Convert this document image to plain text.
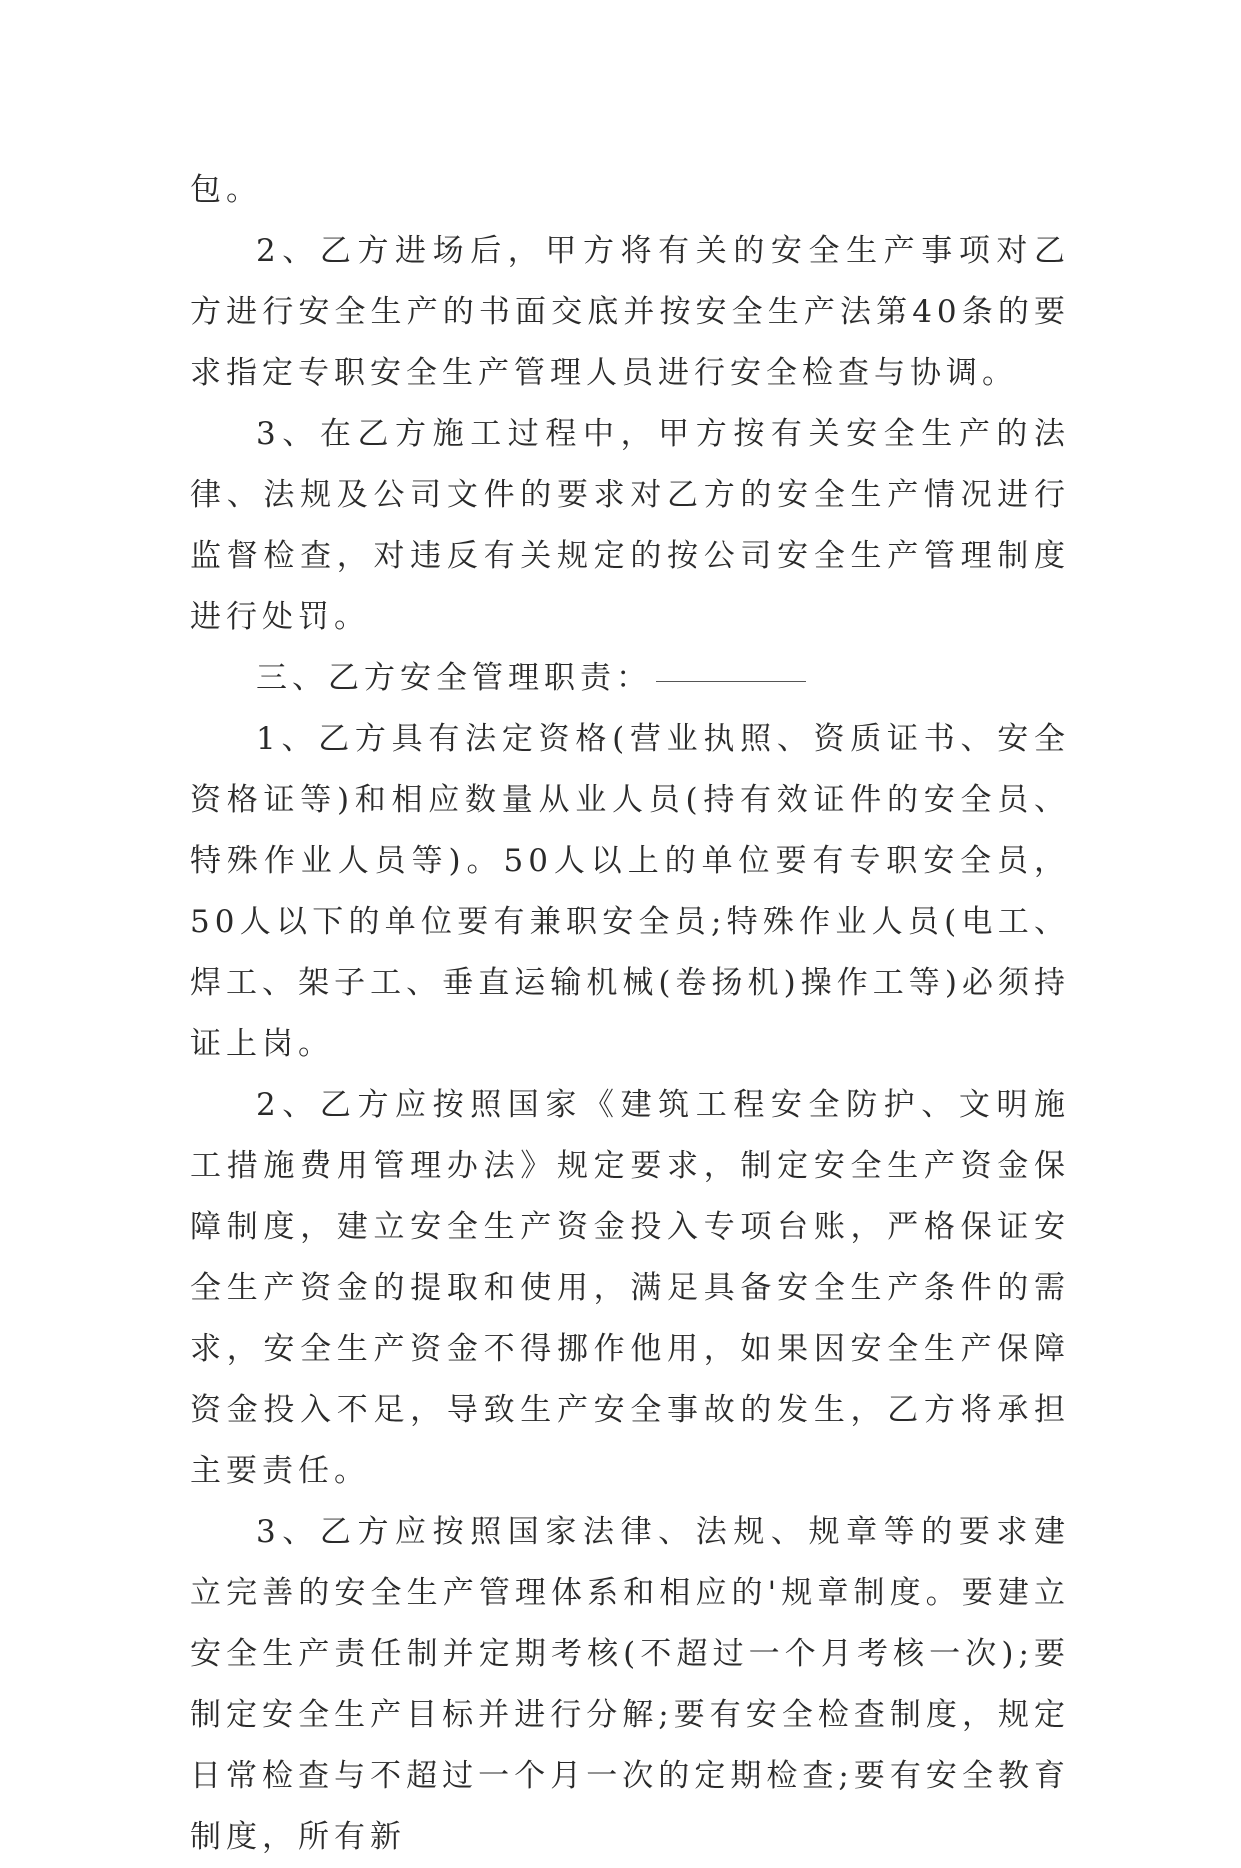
包。

2、乙方进场后，甲方将有关的安全生产事项对乙方进行安全生产的书面交底并按安全生产法第40条的要求指定专职安全生产管理人员进行安全检查与协调。

3、在乙方施工过程中，甲方按有关安全生产的法律、法规及公司文件的要求对乙方的安全生产情况进行监督检查，对违反有关规定的按公司安全生产管理制度进行处罚。

三、乙方安全管理职责：

1、乙方具有法定资格(营业执照、资质证书、安全资格证等)和相应数量从业人员(持有效证件的安全员、特殊作业人员等)。50人以上的单位要有专职安全员，50人以下的单位要有兼职安全员;特殊作业人员(电工、焊工、架子工、垂直运输机械(卷扬机)操作工等)必须持证上岗。

2、乙方应按照国家《建筑工程安全防护、文明施工措施费用管理办法》规定要求，制定安全生产资金保障制度，建立安全生产资金投入专项台账，严格保证安全生产资金的提取和使用，满足具备安全生产条件的需求，安全生产资金不得挪作他用，如果因安全生产保障资金投入不足，导致生产安全事故的发生，乙方将承担主要责任。

3、乙方应按照国家法律、法规、规章等的要求建立完善的安全生产管理体系和相应的'规章制度。要建立安全生产责任制并定期考核(不超过一个月考核一次);要制定安全生产目标并进行分解;要有安全检查制度，规定日常检查与不超过一个月一次的定期检查;要有安全教育制度，所有新
